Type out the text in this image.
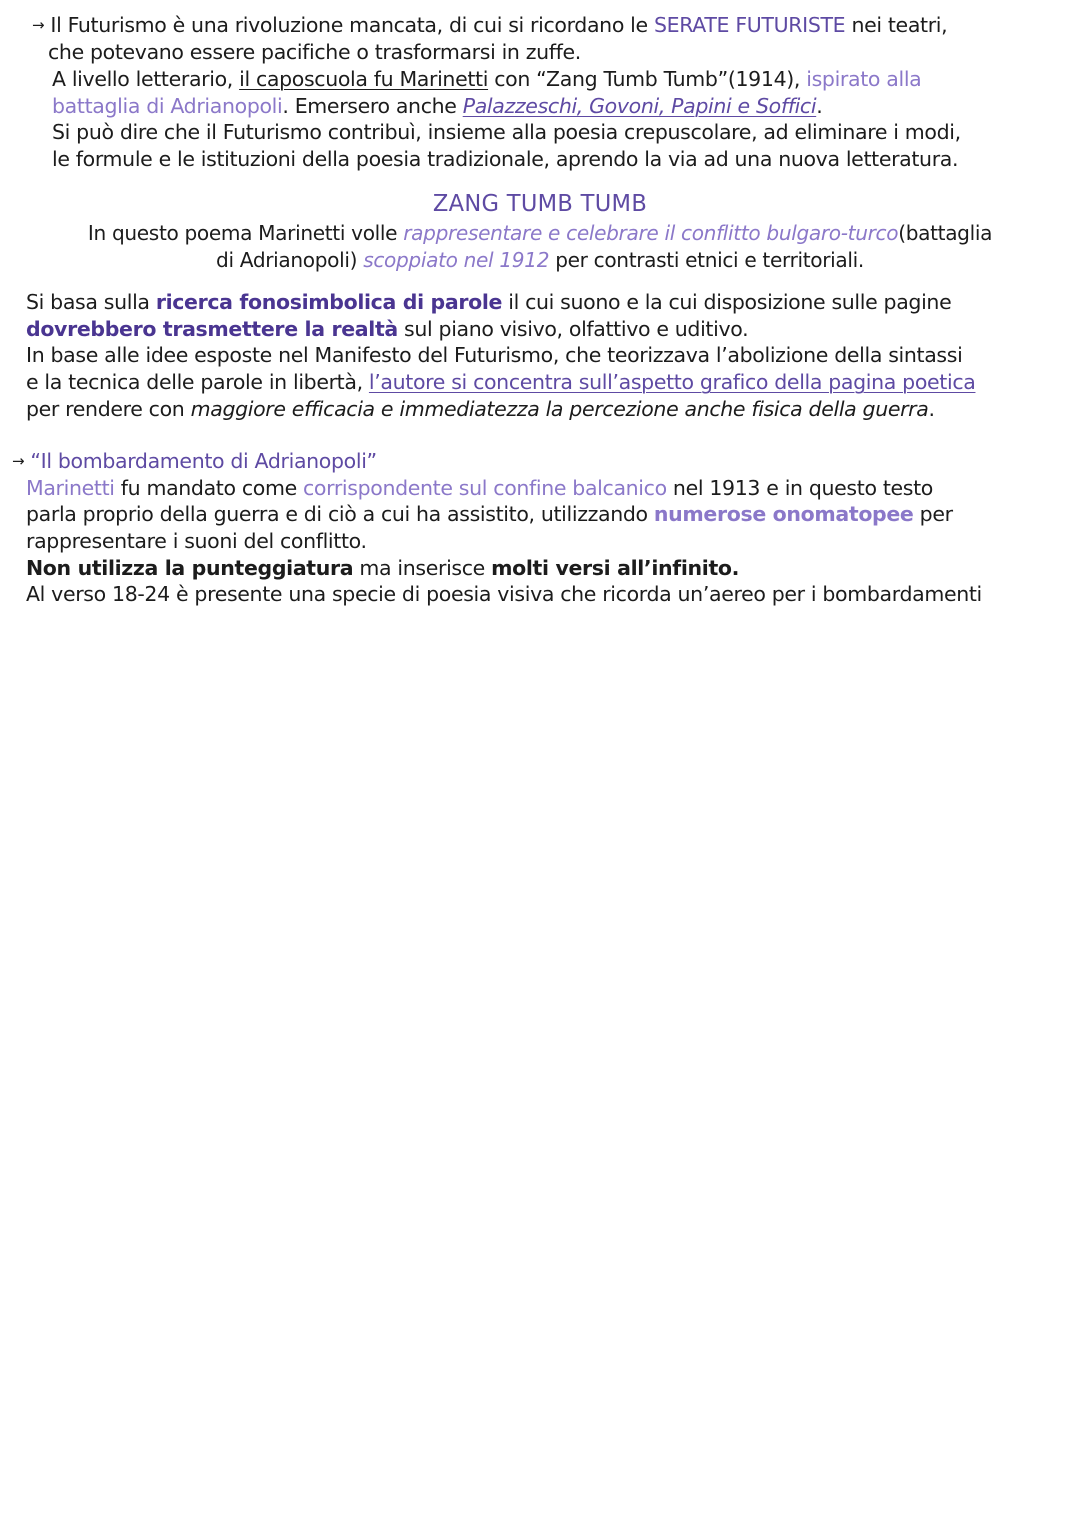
→ Il Futurismo è una rivoluzione mancata, di cui si ricordano le SERATE FUTURISTE nei teatri,
che potevano essere pacifiche o trasformarsi in zuffe.
A livello letterario, il caposcuola fu Marinetti con “Zang Tumb Tumb”(1914), ispirato alla
battaglia di Adrianopoli. Emersero anche Palazzeschi, Govoni, Papini e Soffici.
Si può dire che il Futurismo contribuì, insieme alla poesia crepuscolare, ad eliminare i modi,
le formule e le istituzioni della poesia tradizionale, aprendo la via ad una nuova letteratura.
ZANG TUMB TUMB
In questo poema Marinetti volle rappresentare e celebrare il conflitto bulgaro-turco(battaglia
di Adrianopoli) scoppiato nel 1912 per contrasti etnici e territoriali.
Si basa sulla ricerca fonosimbolica di parole il cui suono e la cui disposizione sulle pagine
dovrebbero trasmettere la realtà sul piano visivo, olfattivo e uditivo.
In base alle idee esposte nel Manifesto del Futurismo, che teorizzava l’abolizione della sintassi
e la tecnica delle parole in libertà, l’autore si concentra sull’aspetto grafico della pagina poetica
per rendere con maggiore efficacia e immediatezza la percezione anche fisica della guerra.
→ “Il bombardamento di Adrianopoli”
Marinetti fu mandato come corrispondente sul confine balcanico nel 1913 e in questo testo
parla proprio della guerra e di ciò a cui ha assistito, utilizzando numerose onomatopee per
rappresentare i suoni del conflitto.
Non utilizza la punteggiatura ma inserisce molti versi all’infinito.
Al verso 18-24 è presente una specie di poesia visiva che ricorda un’aereo per i bombardamenti
